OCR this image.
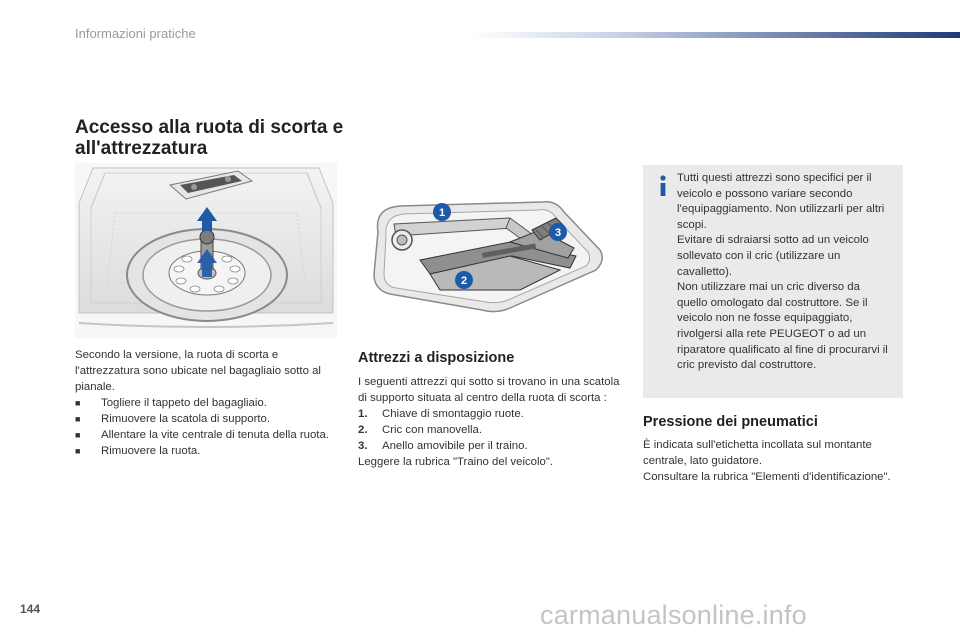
Informazioni pratiche
Accesso alla ruota di scorta e all'attrezzatura
1
2
3
Secondo la versione, la ruota di scorta e l'attrezzatura sono ubicate nel bagagliaio sotto al pianale.
■	Togliere il tappeto del bagagliaio.
■	Rimuovere la scatola di supporto.
■	Allentare la vite centrale di tenuta della ruota.
■	Rimuovere la ruota.
Attrezzi a disposizione
I seguenti attrezzi qui sotto si trovano in una scatola di supporto situata al centro della ruota di scorta :
1.	Chiave di smontaggio ruote.
2.	Cric con manovella.
3.	Anello amovibile per il traino.
Leggere la rubrica "Traino del veicolo".
Tutti questi attrezzi sono specifici per il veicolo e possono variare secondo l'equipaggiamento. Non utilizzarli per altri scopi.
Evitare di sdraiarsi sotto ad un veicolo sollevato con il cric (utilizzare un cavalletto).
Non utilizzare mai un cric diverso da quello omologato dal costruttore. Se il veicolo non ne fosse equipaggiato, rivolgersi alla rete PEUGEOT o ad un riparatore qualificato al fine di procurarvi il cric previsto dal costruttore.
Pressione dei pneumatici
È indicata sull'etichetta incollata sul montante centrale, lato guidatore.
Consultare la rubrica "Elementi d'identificazione".
144	carmanualsonline.info
